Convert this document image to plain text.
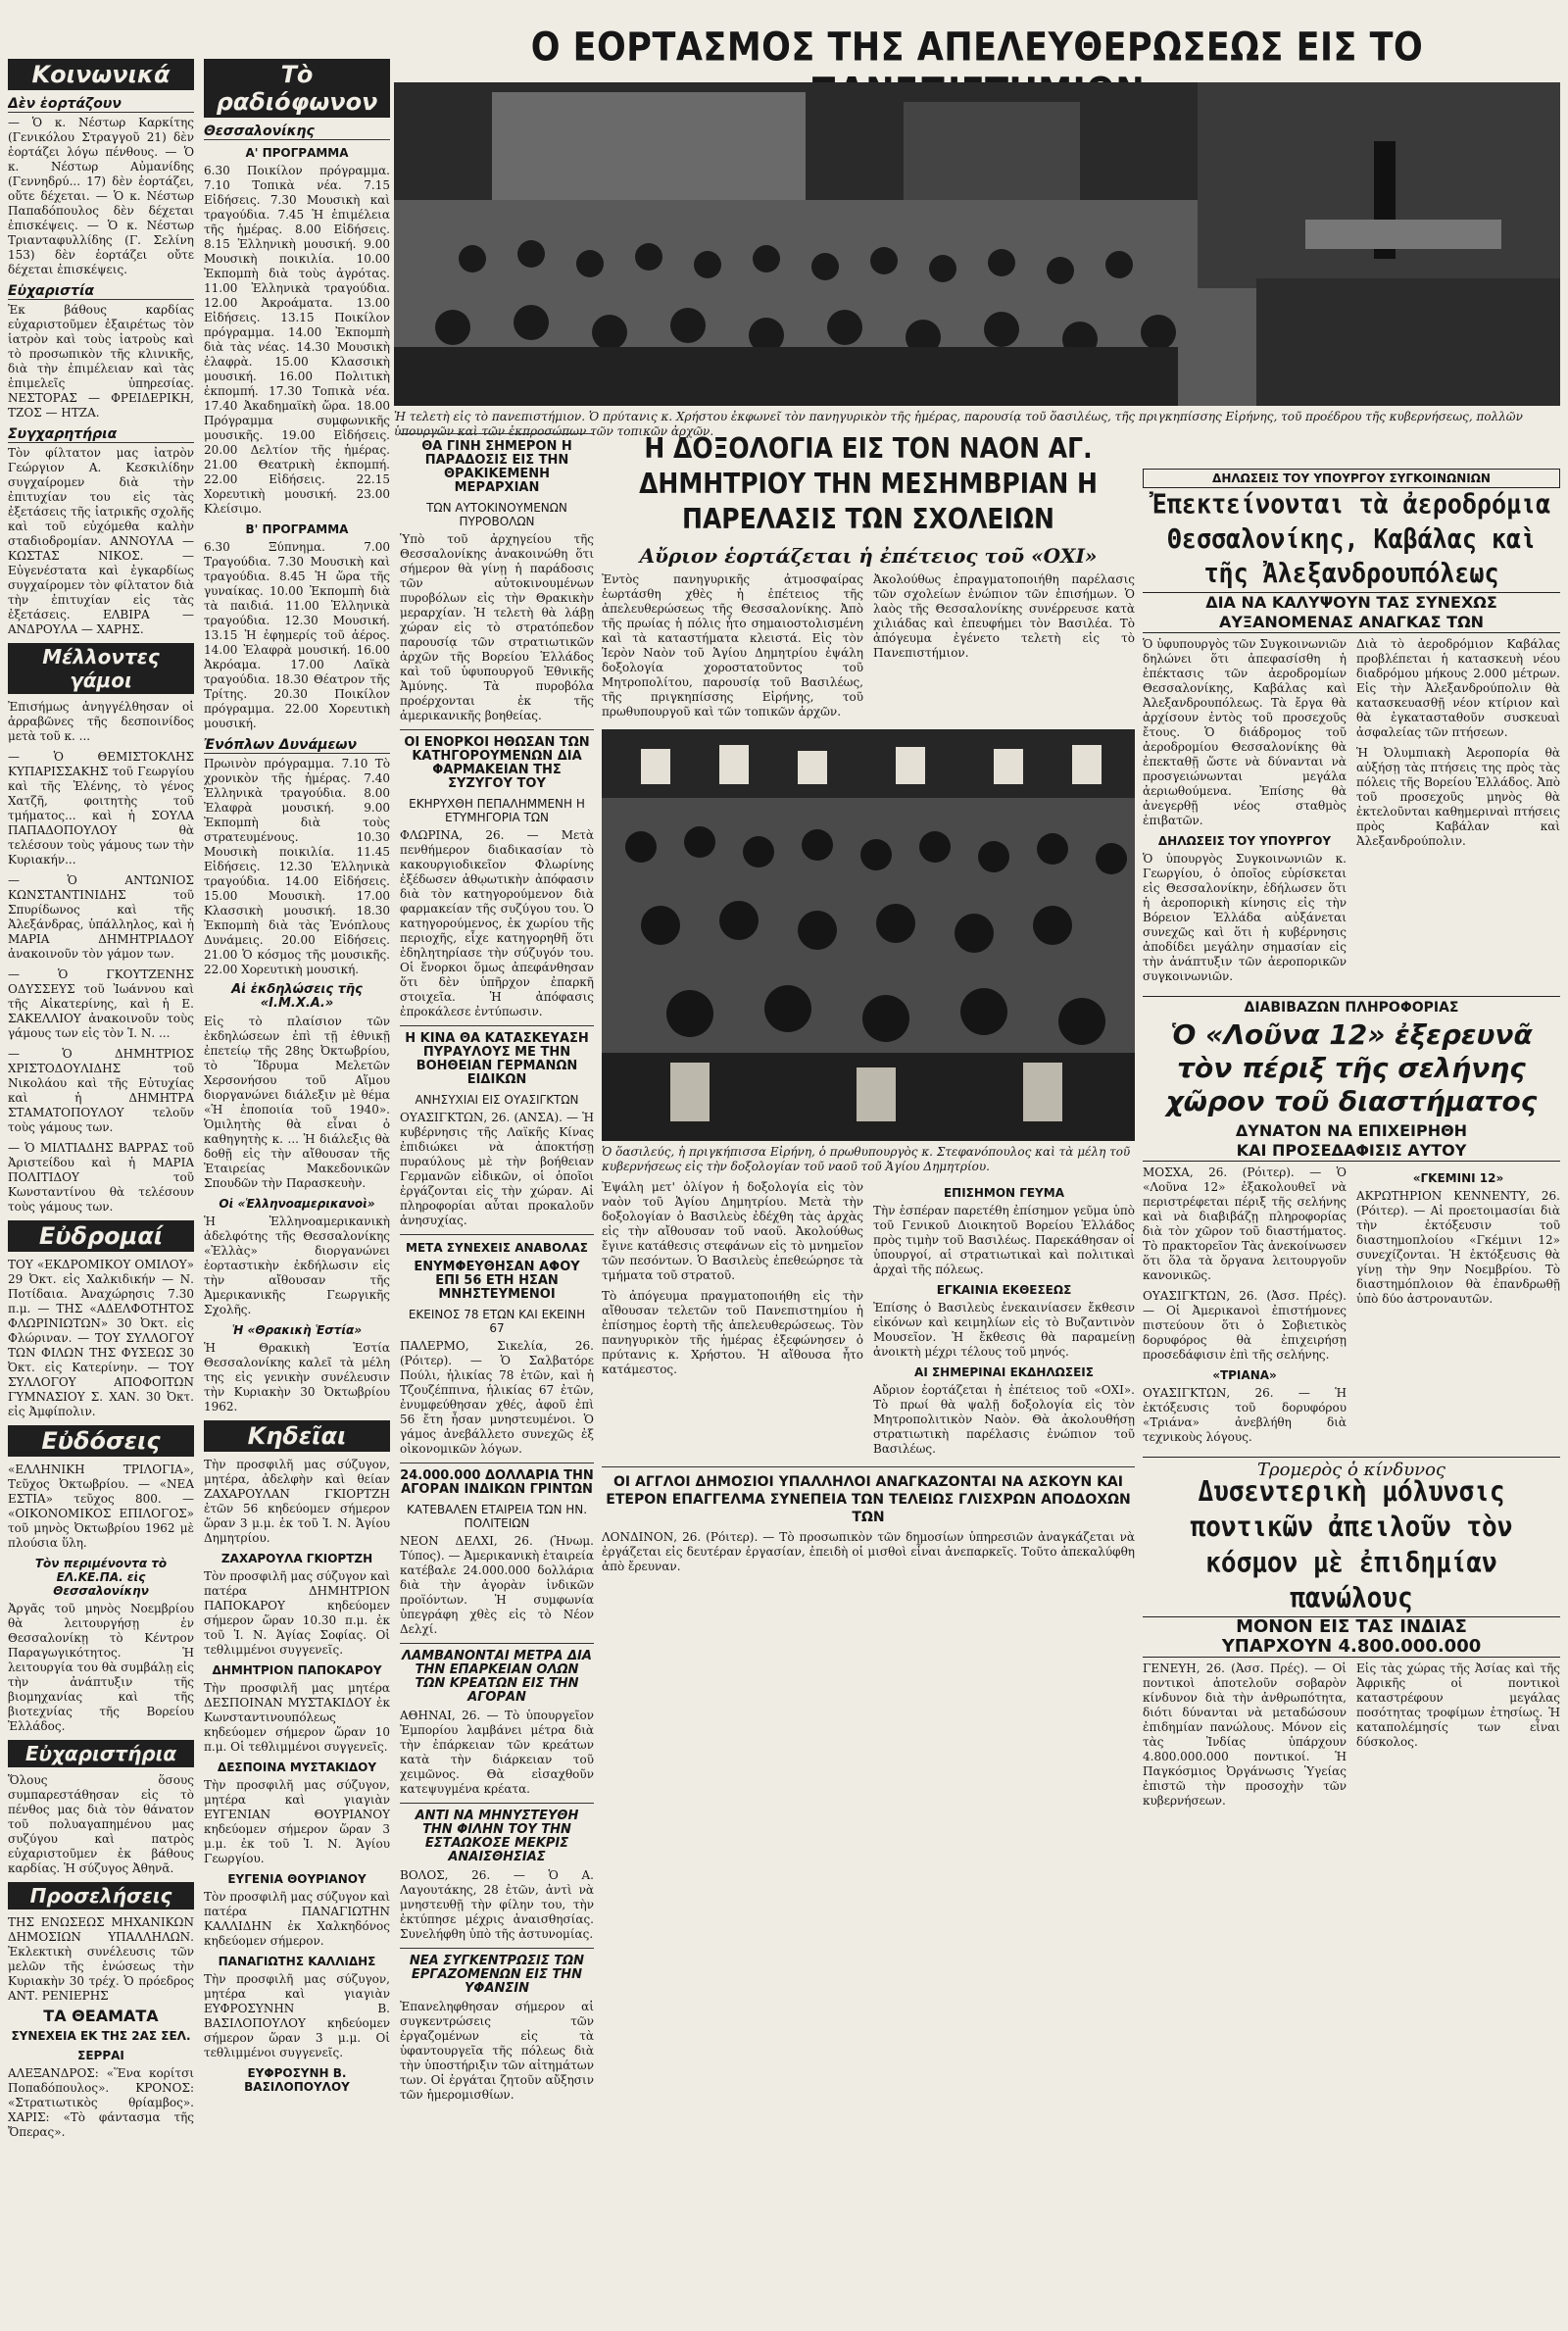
Ο ΕΟΡΤΑΣΜΟΣ ΤΗΣ ΑΠΕΛΕΥΘΕΡΩΣΕΩΣ ΕΙΣ ΤΟ
Ἡ τελετὴ εἰς τὸ πανεπιστήμιον. Ὁ πρύτανις κ. Χρήστου ἐκφωνεῖ τὸν πανηγυρικὸν τῆς ἡμέρας, παρουσίᾳ τοῦ ὅασιλέως, τῆς πριγκηπίσσης Εἰρήνης, τοῦ προέδρου τῆς κυβερνήσεως, πολλῶν ὑπουργῶν καὶ τῶν ἐκπροσώπων τῶν τοπικῶν ἀρχῶν.
Κοινωνικά
Δὲν ἑορτάζουν

— Ὁ κ. Νέστωρ Καρκίτης (Γενικόλου Στραγγοῦ 21) δὲν ἑορτάζει λόγω πένθους. — Ὁ κ. Νέστωρ Αὐμανίδης (Γεννηδρύ... 17) δὲν ἑορτάζει, οὔτε δέχεται. — Ὁ κ. Νέστωρ Παπαδόπουλος δὲν δέχεται ἐπισκέψεις. — Ὁ κ. Νέστωρ Τριανταφυλλίδης (Γ. Σελίνη 153) δὲν ἑορτάζει οὔτε δέχεται ἐπισκέψεις.

Εὐχαριστία

Ἐκ βάθους καρδίας εὐχαριστοῦμεν ἐξαιρέτως τὸν ἱατρὸν καὶ τοὺς ἰατροὺς καὶ τὸ προσωπικὸν τῆς κλινικῆς, διὰ τὴν ἐπιμέλειαν καὶ τὰς ἐπιμελεῖς ὑπηρεσίας. ΝΕΣΤΟΡΑΣ — ΦΡΕΙΔΕΡΙΚΗ, ΤΖΟΣ — ΗΤΖΑ.

Συγχαρητήρια

Τὸν φίλτατον μας ἰατρὸν Γεώργιον Α. Κεσκιλίδην συγχαίρομεν διὰ τὴν ἐπιτυχίαν του εἰς τὰς ἐξετάσεις τῆς ἰατρικῆς σχολῆς καὶ τοῦ εὐχόμεθα καλὴν σταδιοδρομίαν. ΑΝΝΟΥΛΑ — ΚΩΣΤΑΣ ΝΙΚΟΣ. — Εὐγενέστατα καὶ ἐγκαρδίως συγχαίρομεν τὸν φίλτατον διὰ τὴν ἐπιτυχίαν εἰς τὰς ἐξετάσεις. ΕΛΒΙΡΑ — ΑΝΔΡΟΥΛΑ — ΧΑΡΗΣ.

Μέλλοντες γάμοι

Ἐπισήμως ἀνηγγέλθησαν οἱ ἀρραβῶνες τῆς δεσποινίδος μετὰ τοῦ κ. ...

— Ὁ ΘΕΜΙΣΤΟΚΛΗΣ ΚΥΠΑΡΙΣΣΑΚΗΣ τοῦ Γεωργίου καὶ τῆς Ἑλένης, τὸ γένος Χατζῆ, φοιτητὴς τοῦ τμήματος... καὶ ἡ ΣΟΥΛΑ ΠΑΠΑΔΟΠΟΥΛΟΥ θὰ τελέσουν τοὺς γάμους των τὴν Κυριακήν...

— Ὁ ΑΝΤΩΝΙΟΣ ΚΩΝΣΤΑΝΤΙΝΙΔΗΣ τοῦ Σπυρίδωνος καὶ τῆς Ἀλεξάνδρας, ὑπάλληλος, καὶ ἡ ΜΑΡΙΑ ΔΗΜΗΤΡΙΑΔΟΥ ἀνακοινοῦν τὸν γάμον των.

— Ὁ ΓΚΟΥΤΖΕΝΗΣ ΟΔΥΣΣΕΥΣ τοῦ Ἰωάννου καὶ τῆς Αἰκατερίνης, καὶ ἡ Ε. ΣΑΚΕΛΛΙΟΥ ἀνακοινοῦν τοὺς γάμους των εἰς τὸν Ἱ. Ν. ...

— Ὁ ΔΗΜΗΤΡΙΟΣ ΧΡΙΣΤΟΔΟΥΛΙΔΗΣ τοῦ Νικολάου καὶ τῆς Εὐτυχίας καὶ ἡ ΔΗΜΗΤΡΑ ΣΤΑΜΑΤΟΠΟΥΛΟΥ τελοῦν τοὺς γάμους των.

— Ὁ ΜΙΛΤΙΑΔΗΣ ΒΑΡΡΑΣ τοῦ Ἀριστείδου καὶ ἡ ΜΑΡΙΑ ΠΟΛΙΤΙΔΟΥ τοῦ Κωνσταντίνου θὰ τελέσουν τοὺς γάμους των.

Εὐδρομαί

ΤΟΥ «ΕΚΔΡΟΜΙΚΟΥ ΟΜΙΛΟΥ» 29 Ὀκτ. εἰς Χαλκιδικήν — Ν. Ποτίδαια. Ἀναχώρησις 7.30 π.μ. — ΤΗΣ «ΑΔΕΛΦΟΤΗΤΟΣ ΦΛΩΡΙΝΙΩΤΩΝ» 30 Ὀκτ. εἰς Φλώριναν. — ΤΟΥ ΣΥΛΛΟΓΟΥ ΤΩΝ ΦΙΛΩΝ ΤΗΣ ΦΥΣΕΩΣ 30 Ὀκτ. εἰς Κατερίνην. — ΤΟΥ ΣΥΛΛΟΓΟΥ ΑΠΟΦΟΙΤΩΝ ΓΥΜΝΑΣΙΟΥ Σ. ΧΑΝ. 30 Ὀκτ. εἰς Ἀμφίπολιν.

Εὐδόσεις

«ΕΛΛΗΝΙΚΗ ΤΡΙΛΟΓΙΑ», Τεῦχος Ὀκτωβρίου. — «ΝΕΑ ΕΣΤΙΑ» τεῦχος 800. — «ΟΙΚΟΝΟΜΙΚΟΣ ΕΠΙΛΟΓΟΣ» τοῦ μηνὸς Ὀκτωβρίου 1962 μὲ πλούσια ὕλη.

Τὸν περιμένοντα τὸ ΕΛ.ΚΕ.ΠΑ. εἰς Θεσσαλονίκην

Ἀργᾶς τοῦ μηνὸς Νοεμβρίου θὰ λειτουργήσῃ ἐν Θεσσαλονίκῃ τὸ Κέντρον Παραγωγικότητος. Ἡ λειτουργία του θὰ συμβάλῃ εἰς τὴν ἀνάπτυξιν τῆς βιομηχανίας καὶ τῆς βιοτεχνίας τῆς Βορείου Ἑλλάδος.

Εὐχαριστήρια

Ὅλους ὅσους συμπαρεστάθησαν εἰς τὸ πένθος μας διὰ τὸν θάνατον τοῦ πολυαγαπημένου μας συζύγου καὶ πατρὸς εὐχαριστοῦμεν ἐκ βάθους καρδίας. Ἡ σύζυγος Ἀθηνᾶ.

Προσελήσεις

ΤΗΣ ΕΝΩΣΕΩΣ ΜΗΧΑΝΙΚΩΝ ΔΗΜΟΣΙΩΝ ΥΠΑΛΛΗΛΩΝ. Ἐκλεκτικὴ συνέλευσις τῶν μελῶν τῆς ἑνώσεως τὴν Κυριακὴν 30 τρέχ. Ὁ πρόεδρος ΑΝΤ. ΡΕΝΙΕΡΗΣ

ΤΑ ΘΕΑΜΑΤΑ
ΣΥΝΕΧΕΙΑ ΕΚ ΤΗΣ 2ΑΣ ΣΕΛ.
ΣΕΡΡΑΙ

ΑΛΕΞΑΝΔΡΟΣ: «Ἕνα κορίτσι Ποπαδόπουλος». ΚΡΟΝΟΣ: «Στρατιωτικὸς θρίαμβος». ΧΑΡΙΣ: «Τὸ φάντασμα τῆς Ὄπερας».

Τὸ ραδιόφωνον
Θεσσαλονίκης
Α' ΠΡΟΓΡΑΜΜΑ

6.30 Ποικίλον πρόγραμμα. 7.10 Τοπικὰ νέα. 7.15 Εἰδήσεις. 7.30 Μουσικὴ καὶ τραγούδια. 7.45 Ἡ ἐπιμέλεια τῆς ἡμέρας. 8.00 Εἰδήσεις. 8.15 Ἑλληνικὴ μουσική. 9.00 Μουσικὴ ποικιλία. 10.00 Ἐκπομπὴ διὰ τοὺς ἀγρότας. 11.00 Ἑλληνικὰ τραγούδια. 12.00 Ἀκροάματα. 13.00 Εἰδήσεις. 13.15 Ποικίλον πρόγραμμα. 14.00 Ἐκπομπὴ διὰ τὰς νέας. 14.30 Μουσικὴ ἐλαφρὰ. 15.00 Κλασσικὴ μουσική. 16.00 Πολιτικὴ ἐκπομπή. 17.30 Τοπικὰ νέα. 17.40 Ἀκαδημαϊκὴ ὥρα. 18.00 Πρόγραμμα συμφωνικῆς μουσικῆς. 19.00 Εἰδήσεις. 20.00 Δελτίον τῆς ἡμέρας. 21.00 Θεατρικὴ ἐκπομπή. 22.00 Εἰδήσεις. 22.15 Χορευτικὴ μουσική. 23.00 Κλείσιμο.

Β' ΠΡΟΓΡΑΜΜΑ

6.30 Ξύπνημα. 7.00 Τραγούδια. 7.30 Μουσικὴ καὶ τραγούδια. 8.45 Ἡ ὥρα τῆς γυναίκας. 10.00 Ἐκπομπὴ διὰ τὰ παιδιά. 11.00 Ἑλληνικὰ τραγούδια. 12.30 Μουσική. 13.15 Ἡ ἐφημερίς τοῦ ἀέρος. 14.00 Ἐλαφρὰ μουσική. 16.00 Ἀκρόαμα. 17.00 Λαϊκὰ τραγούδια. 18.30 Θέατρον τῆς Τρίτης. 20.30 Ποικίλον πρόγραμμα. 22.00 Χορευτικὴ μουσική.

Ἐνόπλων Δυνάμεων

Πρωινὸν πρόγραμμα. 7.10 Τὸ χρονικὸν τῆς ἡμέρας. 7.40 Ἑλληνικὰ τραγούδια. 8.00 Ἐλαφρὰ μουσική. 9.00 Ἐκπομπὴ διὰ τοὺς στρατευμένους. 10.30 Μουσικὴ ποικιλία. 11.45 Εἰδήσεις. 12.30 Ἑλληνικὰ τραγούδια. 14.00 Εἰδήσεις. 15.00 Μουσικὴ. 17.00 Κλασσικὴ μουσική. 18.30 Ἐκπομπὴ διὰ τὰς Ἐνόπλους Δυνάμεις. 20.00 Εἰδήσεις. 21.00 Ὁ κόσμος τῆς μουσικῆς. 22.00 Χορευτικὴ μουσική.

Αἱ ἐκδηλώσεις τῆς «Ι.Μ.Χ.Α.»

Εἰς τὸ πλαίσιον τῶν ἐκδηλώσεων ἐπὶ τῇ ἐθνικῇ ἐπετείῳ τῆς 28ης Ὀκτωβρίου, τὸ Ἵδρυμα Μελετῶν Χερσονήσου τοῦ Αἵμου διοργανώνει διάλεξιν μὲ θέμα «Ἡ ἐποποιία τοῦ 1940». Ὁμιλητὴς θὰ εἶναι ὁ καθηγητὴς κ. ... Ἡ διάλεξις θὰ δοθῇ εἰς τὴν αἴθουσαν τῆς Ἑταιρείας Μακεδονικῶν Σπουδῶν τὴν Παρασκευὴν.

Οἱ «Ἑλληνοαμερικανοὶ»

Ἡ Ἑλληνοαμερικανικὴ ἀδελφότης τῆς Θεσσαλονίκης «Ἑλλὰς» διοργανώνει ἑορταστικὴν ἐκδήλωσιν εἰς τὴν αἴθουσαν τῆς Ἀμερικανικῆς Γεωργικῆς Σχολῆς.

Ἡ «Θρακικὴ Ἑστία»

Ἡ Θρακικὴ Ἑστία Θεσσαλονίκης καλεῖ τὰ μέλη της εἰς γενικὴν συνέλευσιν τὴν Κυριακὴν 30 Ὀκτωβρίου 1962.

Κηδεῖαι

Τὴν προσφιλῆ μας σύζυγον, μητέρα, ἀδελφὴν καὶ θείαν ΖΑΧΑΡΟΥΛΑΝ ΓΚΙΟΡΤΖΗ ἐτῶν 56 κηδεύομεν σήμερον ὥραν 3 μ.μ. ἐκ τοῦ Ἱ. Ν. Ἁγίου Δημητρίου.

ΖΑΧΑΡΟΥΛΑ ΓΚΙΟΡΤΖΗ

Τὸν προσφιλῆ μας σύζυγον καὶ πατέρα ΔΗΜΗΤΡΙΟΝ ΠΑΠΟΚΑΡΟΥ κηδεύομεν σήμερον ὥραν 10.30 π.μ. ἐκ τοῦ Ἱ. Ν. Ἁγίας Σοφίας. Οἱ τεθλιμμένοι συγγενεῖς.

ΔΗΜΗΤΡΙΟΝ ΠΑΠΟΚΑΡΟΥ

Τὴν προσφιλῆ μας μητέρα ΔΕΣΠΟΙΝΑΝ ΜΥΣΤΑΚΙΔΟΥ ἐκ Κωνσταντινουπόλεως κηδεύομεν σήμερον ὥραν 10 π.μ. Οἱ τεθλιμμένοι συγγενεῖς.

ΔΕΣΠΟΙΝΑ ΜΥΣΤΑΚΙΔΟΥ

Τὴν προσφιλῆ μας σύζυγον, μητέρα καὶ γιαγιὰν ΕΥΓΕΝΙΑΝ ΘΟΥΡΙΑΝΟΥ κηδεύομεν σήμερον ὥραν 3 μ.μ. ἐκ τοῦ Ἱ. Ν. Ἁγίου Γεωργίου.

ΕΥΓΕΝΙΑ ΘΟΥΡΙΑΝΟΥ

Τὸν προσφιλῆ μας σύζυγον καὶ πατέρα ΠΑΝΑΓΙΩΤΗΝ ΚΑΛΛΙΔΗΝ ἐκ Χαλκηδόνος κηδεύομεν σήμερον.

ΠΑΝΑΓΙΩΤΗΣ ΚΑΛΛΙΔΗΣ

Τὴν προσφιλῆ μας σύζυγον, μητέρα καὶ γιαγιὰν ΕΥΦΡΟΣΥΝΗΝ Β. ΒΑΣΙΛΟΠΟΥΛΟΥ κηδεύομεν σήμερον ὥραν 3 μ.μ. Οἱ τεθλιμμένοι συγγενεῖς.

ΕΥΦΡΟΣΥΝΗ Β. ΒΑΣΙΛΟΠΟΥΛΟΥ
ΘΑ ΓΙΝΗ ΣΗΜΕΡΟΝ Η ΠΑΡΑΔΟΣΙΣ ΕΙΣ ΤΗΝ ΘΡΑΚΙΚΕΜΕΝΗ ΜΕΡΑΡΧΙΑΝ
ΤΩΝ ΑΥΤΟΚΙΝΟΥΜΕΝΩΝ ΠΥΡΟΒΟΛΩΝ

Ὑπὸ τοῦ ἀρχηγείου τῆς Θεσσαλονίκης ἀνακοινώθη ὅτι σήμερον θὰ γίνῃ ἡ παράδοσις τῶν αὐτοκινουμένων πυροβόλων εἰς τὴν Θρακικὴν μεραρχίαν. Ἡ τελετὴ θὰ λάβῃ χώραν εἰς τὸ στρατόπεδον παρουσίᾳ τῶν στρατιωτικῶν ἀρχῶν τῆς Βορείου Ἑλλάδος καὶ τοῦ ὑφυπουργοῦ Ἐθνικῆς Ἀμύνης. Τὰ πυροβόλα προέρχονται ἐκ τῆς ἀμερικανικῆς βοηθείας.

ΟΙ ΕΝΟΡΚΟΙ ΗΘΩΣΑΝ ΤΩΝ ΚΑΤΗΓΟΡΟΥΜΕΝΩΝ ΔΙΑ ΦΑΡΜΑΚΕΙΑΝ ΤΗΣ ΣΥΖΥΓΟΥ ΤΟΥ
ΕΚΗΡΥΧΘΗ ΠΕΠΑΛΗΜΜΕΝΗ Η ΕΤΥΜΗΓΟΡΙΑ ΤΩΝ

ΦΛΩΡΙΝΑ, 26. — Μετὰ πενθήμερον διαδικασίαν τὸ κακουργιοδικεῖον Φλωρίνης ἐξέδωσεν ἀθῳωτικὴν ἀπόφασιν διὰ τὸν κατηγορούμενον διὰ φαρμακείαν τῆς συζύγου του. Ὁ κατηγορούμενος, ἐκ χωρίου τῆς περιοχῆς, εἶχε κατηγορηθῆ ὅτι ἐδηλητηρίασε τὴν σύζυγόν του. Οἱ ἔνορκοι ὅμως ἀπεφάνθησαν ὅτι δὲν ὑπῆρχον ἐπαρκῆ στοιχεῖα. Ἡ ἀπόφασις ἐπροκάλεσε ἐντύπωσιν.

Η ΚΙΝΑ ΘΑ ΚΑΤΑΣΚΕΥΑΣΗ ΠΥΡΑΥΛΟΥΣ ΜΕ ΤΗΝ ΒΟΗΘΕΙΑΝ ΓΕΡΜΑΝΩΝ ΕΙΔΙΚΩΝ
ΑΝΗΣΥΧΙΑΙ ΕΙΣ ΟΥΑΣΙΓΚΤΩΝ

ΟΥΑΣΙΓΚΤΩΝ, 26. (ΑΝΣΑ). — Ἡ κυβέρνησις τῆς Λαϊκῆς Κίνας ἐπιδιώκει νὰ ἀποκτήσῃ πυραύλους μὲ τὴν βοήθειαν Γερμανῶν εἰδικῶν, οἱ ὁποῖοι ἐργάζονται εἰς τὴν χώραν. Αἱ πληροφορίαι αὗται προκαλοῦν ἀνησυχίας.

ΜΕΤΑ ΣΥΝΕΧΕΙΣ ΑΝΑΒΟΛΑΣ
ΕΝΥΜΦΕΥΘΗΣΑΝ ΑΦΟΥ ΕΠΙ 56 ΕΤΗ ΗΣΑΝ ΜΝΗΣΤΕΥΜΕΝΟΙ
ΕΚΕΙΝΟΣ 78 ΕΤΩΝ ΚΑΙ ΕΚΕΙΝΗ 67

ΠΑΛΕΡΜΟ, Σικελία, 26. (Ρόιτερ). — Ὁ Σαλβατόρε Πούλι, ἡλικίας 78 ἐτῶν, καὶ ἡ Τζουζέππινα, ἡλικίας 67 ἐτῶν, ἐνυμφεύθησαν χθές, ἀφοῦ ἐπὶ 56 ἔτη ἦσαν μνηστευμένοι. Ὁ γάμος ἀνεβάλλετο συνεχῶς ἐξ οἰκονομικῶν λόγων.

24.000.000 ΔΟΛΛΑΡΙΑ ΤΗΝ ΑΓΟΡΑΝ ΙΝΔΙΚΩΝ ΓΡΙΝΤΩΝ
ΚΑΤΕΒΑΛΕΝ ΕΤΑΙΡΕΙΑ ΤΩΝ ΗΝ. ΠΟΛΙΤΕΙΩΝ

ΝΕΟΝ ΔΕΛΧΙ, 26. (Ἡνωμ. Τύπος). — Ἀμερικανικὴ ἑταιρεία κατέβαλε 24.000.000 δολλάρια διὰ τὴν ἀγορὰν ἰνδικῶν προϊόντων. Ἡ συμφωνία ὑπεγράφη χθὲς εἰς τὸ Νέον Δελχί.

ΛΑΜΒΑΝΟΝΤΑΙ ΜΕΤΡΑ ΔΙΑ ΤΗΝ ΕΠΑΡΚΕΙΑΝ ΟΛΩΝ ΤΩΝ ΚΡΕΑΤΩΝ ΕΙΣ ΤΗΝ ΑΓΟΡΑΝ

ΑΘΗΝΑΙ, 26. — Τὸ ὑπουργεῖον Ἐμπορίου λαμβάνει μέτρα διὰ τὴν ἐπάρκειαν τῶν κρεάτων κατὰ τὴν διάρκειαν τοῦ χειμῶνος. Θὰ εἰσαχθοῦν κατεψυγμένα κρέατα.

ΑΝΤΙ ΝΑ ΜΗΝΥΣΤΕΥΘΗ ΤΗΝ ΦΙΛΗΝ ΤΟΥ ΤΗΝ ΕΣΤΑΩΚΟΣΕ ΜΕΚΡΙΣ ΑΝΑΙΣΘΗΣΙΑΣ

ΒΟΛΟΣ, 26. — Ὁ Α. Λαγουτάκης, 28 ἐτῶν, ἀντὶ νὰ μνηστευθῇ τὴν φίλην του, τὴν ἐκτύπησε μέχρις ἀναισθησίας. Συνελήφθη ὑπὸ τῆς ἀστυνομίας.

ΝΕΑ ΣΥΓΚΕΝΤΡΩΣΙΣ ΤΩΝ ΕΡΓΑΖΟΜΕΝΩΝ ΕΙΣ ΤΗΝ ΥΦΑΝΣΙΝ

Ἐπανεληφθησαν σήμερον αἱ συγκεντρώσεις τῶν ἐργαζομένων εἰς τὰ ὑφαντουργεῖα τῆς πόλεως διὰ τὴν ὑποστήριξιν τῶν αἰτημάτων των. Οἱ ἐργάται ζητοῦν αὔξησιν τῶν ἡμερομισθίων.

Η ΔΟΞΟΛΟΓΙΑ ΕΙΣ ΤΟΝ ΝΑΟΝ ΑΓ. ΔΗΜΗΤΡΙΟΥ ΤΗΝ ΜΕΣΗΜΒΡΙΑΝ Η ΠΑΡΕΛΑΣΙΣ ΤΩΝ ΣΧΟΛΕΙΩΝ
Αὔριον ἑορτάζεται ἡ ἐπέτειος τοῦ «ΟΧΙ»

Ἐντὸς πανηγυρικῆς ἀτμοσφαίρας ἑωρτάσθη χθὲς ἡ ἐπέτειος τῆς ἀπελευθερώσεως τῆς Θεσσαλονίκης. Ἀπὸ τῆς πρωίας ἡ πόλις ἦτο σημαιοστολισμένη καὶ τὰ καταστήματα κλειστά. Εἰς τὸν Ἱερὸν Ναὸν τοῦ Ἁγίου Δημητρίου ἐψάλη δοξολογία χοροστατοῦντος τοῦ Μητροπολίτου, παρουσίᾳ τοῦ Βασιλέως, τῆς πριγκηπίσσης Εἰρήνης, τοῦ πρωθυπουργοῦ καὶ τῶν τοπικῶν ἀρχῶν.

Ἀκολούθως ἐπραγματοποιήθη παρέλασις τῶν σχολείων ἐνώπιον τῶν ἐπισήμων. Ὁ λαὸς τῆς Θεσσαλονίκης συνέρρευσε κατὰ χιλιάδας καὶ ἐπευφήμει τὸν Βασιλέα. Τὸ ἀπόγευμα ἐγένετο τελετὴ εἰς τὸ Πανεπιστήμιον.

Ὁ ὅασιλεύς, ἡ πριγκήπισσα Εἰρήνη, ὁ πρωθυπουργὸς κ. Στεφανόπουλος καὶ τὰ μέλη τοῦ κυβερνήσεως εἰς τὴν δοξολογίαν τοῦ ναοῦ τοῦ Ἁγίου Δημητρίου.

Ἐψάλη μετ' ὀλίγον ἡ δοξολογία εἰς τὸν ναὸν τοῦ Ἁγίου Δημητρίου. Μετὰ τὴν δοξολογίαν ὁ Βασιλεὺς ἐδέχθη τὰς ἀρχὰς εἰς τὴν αἴθουσαν τοῦ ναοῦ. Ἀκολούθως ἔγινε κατάθεσις στεφάνων εἰς τὸ μνημεῖον τῶν πεσόντων. Ὁ Βασιλεὺς ἐπεθεώρησε τὰ τμήματα τοῦ στρατοῦ.

Τὸ ἀπόγευμα πραγματοποιήθη εἰς τὴν αἴθουσαν τελετῶν τοῦ Πανεπιστημίου ἡ ἐπίσημος ἑορτὴ τῆς ἀπελευθερώσεως. Τὸν πανηγυρικὸν τῆς ἡμέρας ἐξεφώνησεν ὁ πρύτανις κ. Χρήστου. Ἡ αἴθουσα ἦτο κατάμεστος.

ΕΠΙΣΗΜΟΝ ΓΕΥΜΑ

Τὴν ἑσπέραν παρετέθη ἐπίσημον γεῦμα ὑπὸ τοῦ Γενικοῦ Διοικητοῦ Βορείου Ἑλλάδος πρὸς τιμὴν τοῦ Βασιλέως. Παρεκάθησαν οἱ ὑπουργοί, αἱ στρατιωτικαὶ καὶ πολιτικαὶ ἀρχαὶ τῆς πόλεως.

ΕΓΚΑΙΝΙΑ ΕΚΘΕΣΕΩΣ

Ἐπίσης ὁ Βασιλεὺς ἐνεκαινίασεν ἔκθεσιν εἰκόνων καὶ κειμηλίων εἰς τὸ Βυζαντινὸν Μουσεῖον. Ἡ ἔκθεσις θὰ παραμείνῃ ἀνοικτὴ μέχρι τέλους τοῦ μηνός.

ΑΙ ΣΗΜΕΡΙΝΑΙ ΕΚΔΗΛΩΣΕΙΣ

Αὔριον ἑορτάζεται ἡ ἐπέτειος τοῦ «ΟΧΙ». Τὸ πρωί θὰ ψαλῇ δοξολογία εἰς τὸν Μητροπολιτικὸν Ναὸν. Θὰ ἀκολουθήσῃ στρατιωτικὴ παρέλασις ἐνώπιον τοῦ Βασιλέως.

ΟΙ ΑΓΓΛΟΙ ΔΗΜΟΣΙΟΙ ΥΠΑΛΛΗΛΟΙ ΑΝΑΓΚΑΖΟΝΤΑΙ ΝΑ ΑΣΚΟΥΝ ΚΑΙ ΕΤΕΡΟΝ ΕΠΑΓΓΕΛΜΑ ΣΥΝΕΠΕΙΑ ΤΩΝ ΤΕΛΕΙΩΣ ΓΛΙΣΧΡΩΝ ΑΠΟΔΟΧΩΝ ΤΩΝ

ΛΟΝΔΙΝΟΝ, 26. (Ρόιτερ). — Τὸ προσωπικὸν τῶν δημοσίων ὑπηρεσιῶν ἀναγκάζεται νὰ ἐργάζεται εἰς δευτέραν ἐργασίαν, ἐπειδὴ οἱ μισθοὶ εἶναι ἀνεπαρκεῖς. Τοῦτο ἀπεκαλύφθη ἀπὸ ἔρευναν.

ΔΗΛΩΣΕΙΣ ΤΟΥ ΥΠΟΥΡΓΟΥ ΣΥΓΚΟΙΝΩΝΙΩΝ
Ἐπεκτείνονται τὰ ἀεροδρόμια Θεσσαλονίκης, Καβάλας καὶ τῆς Ἀλεξανδρουπόλεως
ΔΙΑ ΝΑ ΚΑΛΥΨΟΥΝ ΤΑΣ ΣΥΝΕΧΩΣ
ΑΥΞΑΝΟΜΕΝΑΣ ΑΝΑΓΚΑΣ ΤΩΝ

Ὁ ὑφυπουργὸς τῶν Συγκοινωνιῶν δηλώνει ὅτι ἀπεφασίσθη ἡ ἐπέκτασις τῶν ἀεροδρομίων Θεσσαλονίκης, Καβάλας καὶ Ἀλεξανδρουπόλεως. Τὰ ἔργα θὰ ἀρχίσουν ἐντὸς τοῦ προσεχοῦς ἔτους. Ὁ διάδρομος τοῦ ἀεροδρομίου Θεσσαλονίκης θὰ ἐπεκταθῇ ὥστε νὰ δύνανται νὰ προσγειώνωνται μεγάλα ἀεριωθούμενα. Ἐπίσης θὰ ἀνεγερθῇ νέος σταθμὸς ἐπιβατῶν.

ΔΗΛΩΣΕΙΣ ΤΟΥ ΥΠΟΥΡΓΟΥ

Ὁ ὑπουργὸς Συγκοινωνιῶν κ. Γεωργίου, ὁ ὁποῖος εὑρίσκεται εἰς Θεσσαλονίκην, ἐδήλωσεν ὅτι ἡ ἀεροπορικὴ κίνησις εἰς τὴν Βόρειον Ἑλλάδα αὐξάνεται συνεχῶς καὶ ὅτι ἡ κυβέρνησις ἀποδίδει μεγάλην σημασίαν εἰς τὴν ἀνάπτυξιν τῶν ἀεροπορικῶν συγκοινωνιῶν.

Διὰ τὸ ἀεροδρόμιον Καβάλας προβλέπεται ἡ κατασκευὴ νέου διαδρόμου μήκους 2.000 μέτρων. Εἰς τὴν Ἀλεξανδρούπολιν θὰ κατασκευασθῇ νέον κτίριον καὶ θὰ ἐγκατασταθοῦν συσκευαὶ ἀσφαλείας τῶν πτήσεων.

Ἡ Ὀλυμπιακὴ Ἀεροπορία θὰ αὐξήσῃ τὰς πτήσεις της πρὸς τὰς πόλεις τῆς Βορείου Ἑλλάδος. Ἀπὸ τοῦ προσεχοῦς μηνὸς θὰ ἐκτελοῦνται καθημεριναὶ πτήσεις πρὸς Καβάλαν καὶ Ἀλεξανδρούπολιν.

ΔΙΑΒΙΒΑΖΩΝ ΠΛΗΡΟΦΟΡΙΑΣ
Ὁ «Λοῦνα 12» ἐξερευνᾶ τὸν πέριξ τῆς σελήνης χῶρον τοῦ διαστήματος
ΔΥΝΑΤΟΝ ΝΑ ΕΠΙΧΕΙΡΗΘΗ
ΚΑΙ ΠΡΟΣΕΔΑΦΙΣΙΣ ΑΥΤΟΥ

ΜΟΣΧΑ, 26. (Ρόιτερ). — Ὁ «Λοῦνα 12» ἐξακολουθεῖ νὰ περιστρέφεται πέριξ τῆς σελήνης καὶ νὰ διαβιβάζῃ πληροφορίας διὰ τὸν χῶρον τοῦ διαστήματος. Τὸ πρακτορεῖον Τὰς ἀνεκοίνωσεν ὅτι ὅλα τὰ ὄργανα λειτουργοῦν κανονικῶς.

ΟΥΑΣΙΓΚΤΩΝ, 26. (Ἀσσ. Πρές). — Οἱ Ἀμερικανοὶ ἐπιστήμονες πιστεύουν ὅτι ὁ Σοβιετικὸς δορυφόρος θὰ ἐπιχειρήσῃ προσεδάφισιν ἐπὶ τῆς σελήνης.

«ΤΡΙΑΝΑ»

ΟΥΑΣΙΓΚΤΩΝ, 26. — Ἡ ἐκτόξευσις τοῦ δορυφόρου «Τριάνα» ἀνεβλήθη διὰ τεχνικοὺς λόγους.

«ΓΚΕΜΙΝΙ 12»

ΑΚΡΩΤΗΡΙΟΝ ΚΕΝΝΕΝΤΥ, 26. (Ρόιτερ). — Αἱ προετοιμασίαι διὰ τὴν ἐκτόξευσιν τοῦ διαστημοπλοίου «Γκέμινι 12» συνεχίζονται. Ἡ ἐκτόξευσις θὰ γίνῃ τὴν 9ην Νοεμβρίου. Τὸ διαστημόπλοιον θὰ ἐπανδρωθῇ ὑπὸ δύο ἀστροναυτῶν.

Τρομερὸς ὁ κίνδυνος
Δυσεντερικὴ μόλυνσις ποντικῶν ἀπειλοῦν τὸν κόσμον μὲ ἐπιδημίαν πανώλους
ΜΟΝΟΝ ΕΙΣ ΤΑΣ ΙΝΔΙΑΣ
ΥΠΑΡΧΟΥΝ 4.800.000.000

ΓΕΝΕΥΗ, 26. (Ἀσσ. Πρές). — Οἱ ποντικοὶ ἀποτελοῦν σοβαρὸν κίνδυνον διὰ τὴν ἀνθρωπότητα, διότι δύνανται νὰ μεταδώσουν ἐπιδημίαν πανώλους. Μόνον εἰς τὰς Ἰνδίας ὑπάρχουν 4.800.000.000 ποντικοί. Ἡ Παγκόσμιος Ὀργάνωσις Ὑγείας ἐπιστῶ τὴν προσοχὴν τῶν κυβερνήσεων.

Εἰς τὰς χώρας τῆς Ἀσίας καὶ τῆς Ἀφρικῆς οἱ ποντικοὶ καταστρέφουν μεγάλας ποσότητας τροφίμων ἐτησίως. Ἡ καταπολέμησίς των εἶναι δύσκολος.
